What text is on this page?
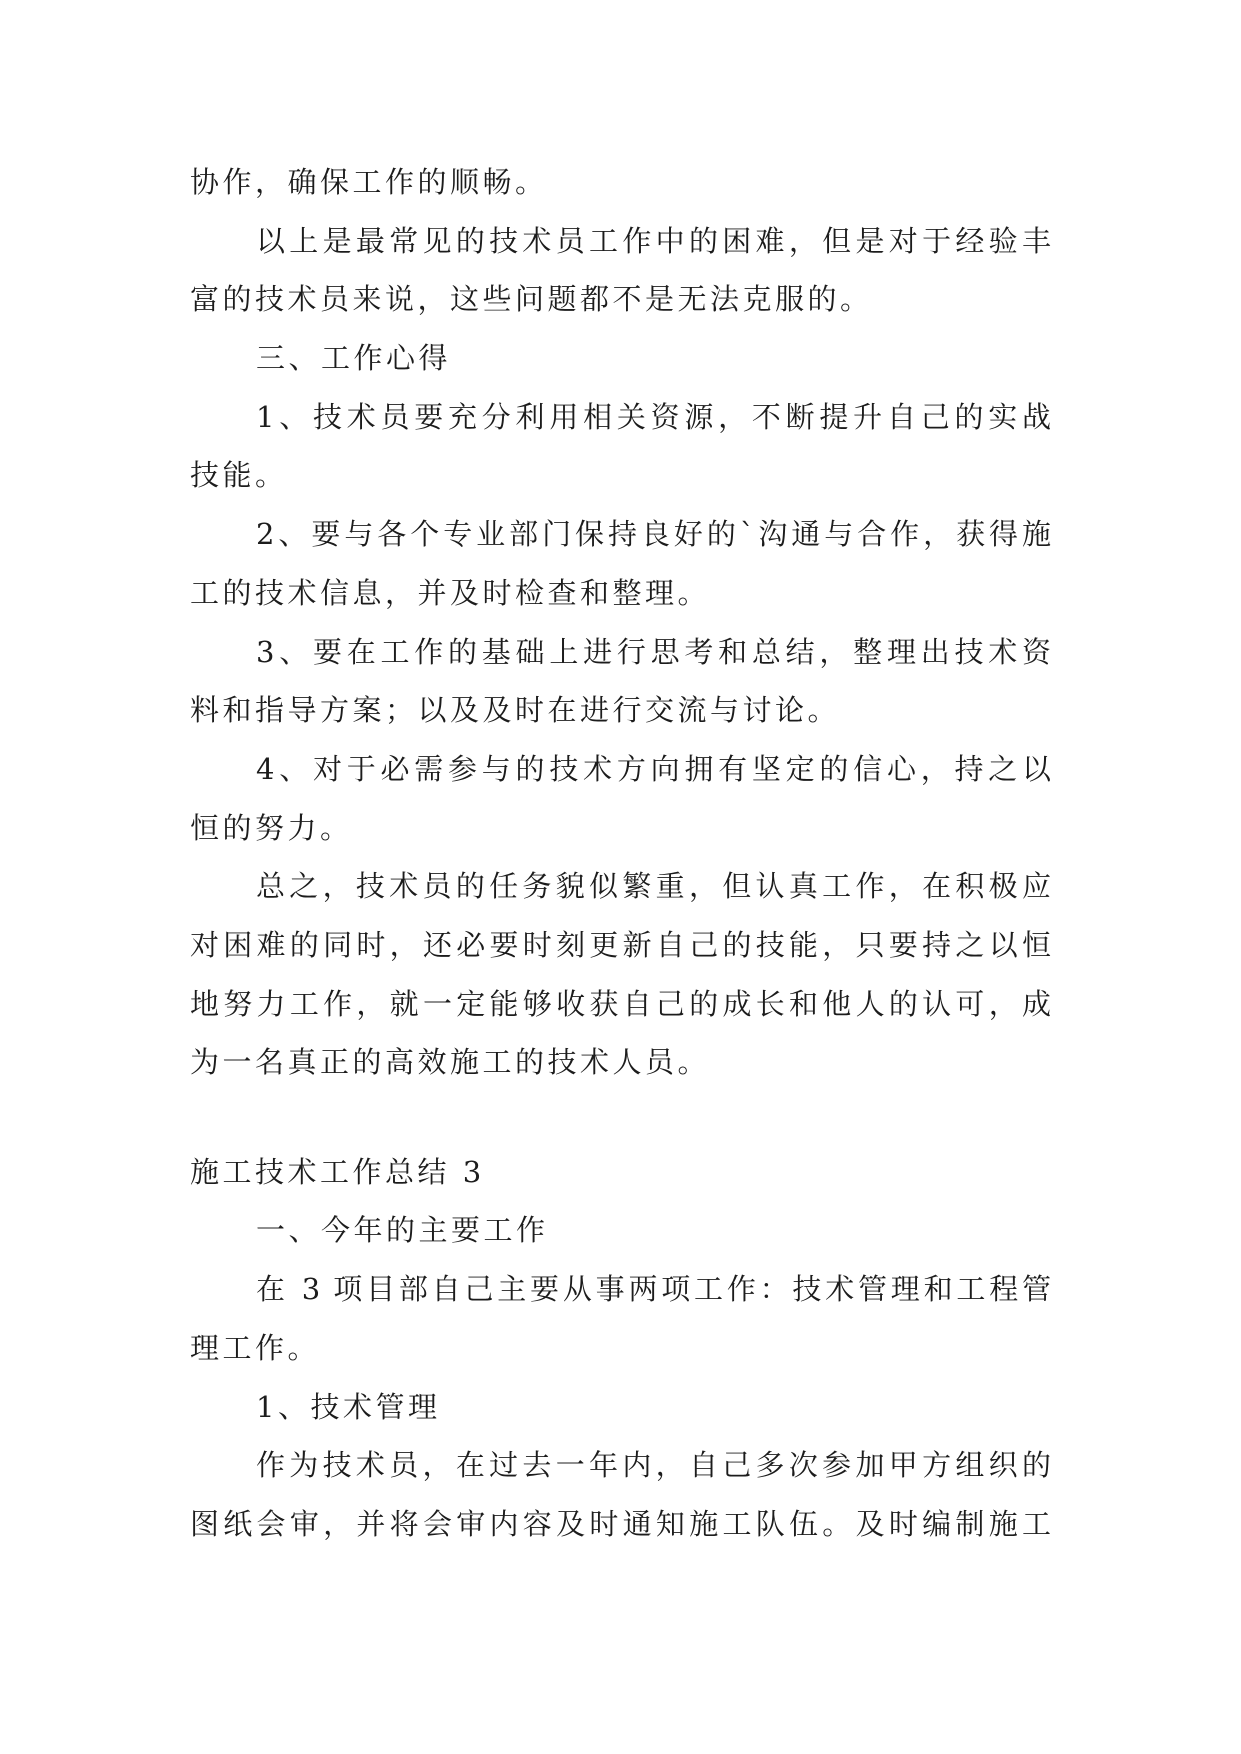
协作，确保工作的顺畅。
以上是最常见的技术员工作中的困难，但是对于经验丰
富的技术员来说，这些问题都不是无法克服的。
三、工作心得
1、技术员要充分利用相关资源，不断提升自己的实战
技能。
2、要与各个专业部门保持良好的`沟通与合作，获得施
工的技术信息，并及时检查和整理。
3、要在工作的基础上进行思考和总结，整理出技术资
料和指导方案；以及及时在进行交流与讨论。
4、对于必需参与的技术方向拥有坚定的信心，持之以
恒的努力。
总之，技术员的任务貌似繁重，但认真工作，在积极应
对困难的同时，还必要时刻更新自己的技能，只要持之以恒
地努力工作，就一定能够收获自己的成长和他人的认可，成
为一名真正的高效施工的技术人员。
施工技术工作总结 3
一、今年的主要工作
在 3 项目部自己主要从事两项工作：技术管理和工程管
理工作。
1、技术管理
作为技术员，在过去一年内，自己多次参加甲方组织的
图纸会审，并将会审内容及时通知施工队伍。及时编制施工
